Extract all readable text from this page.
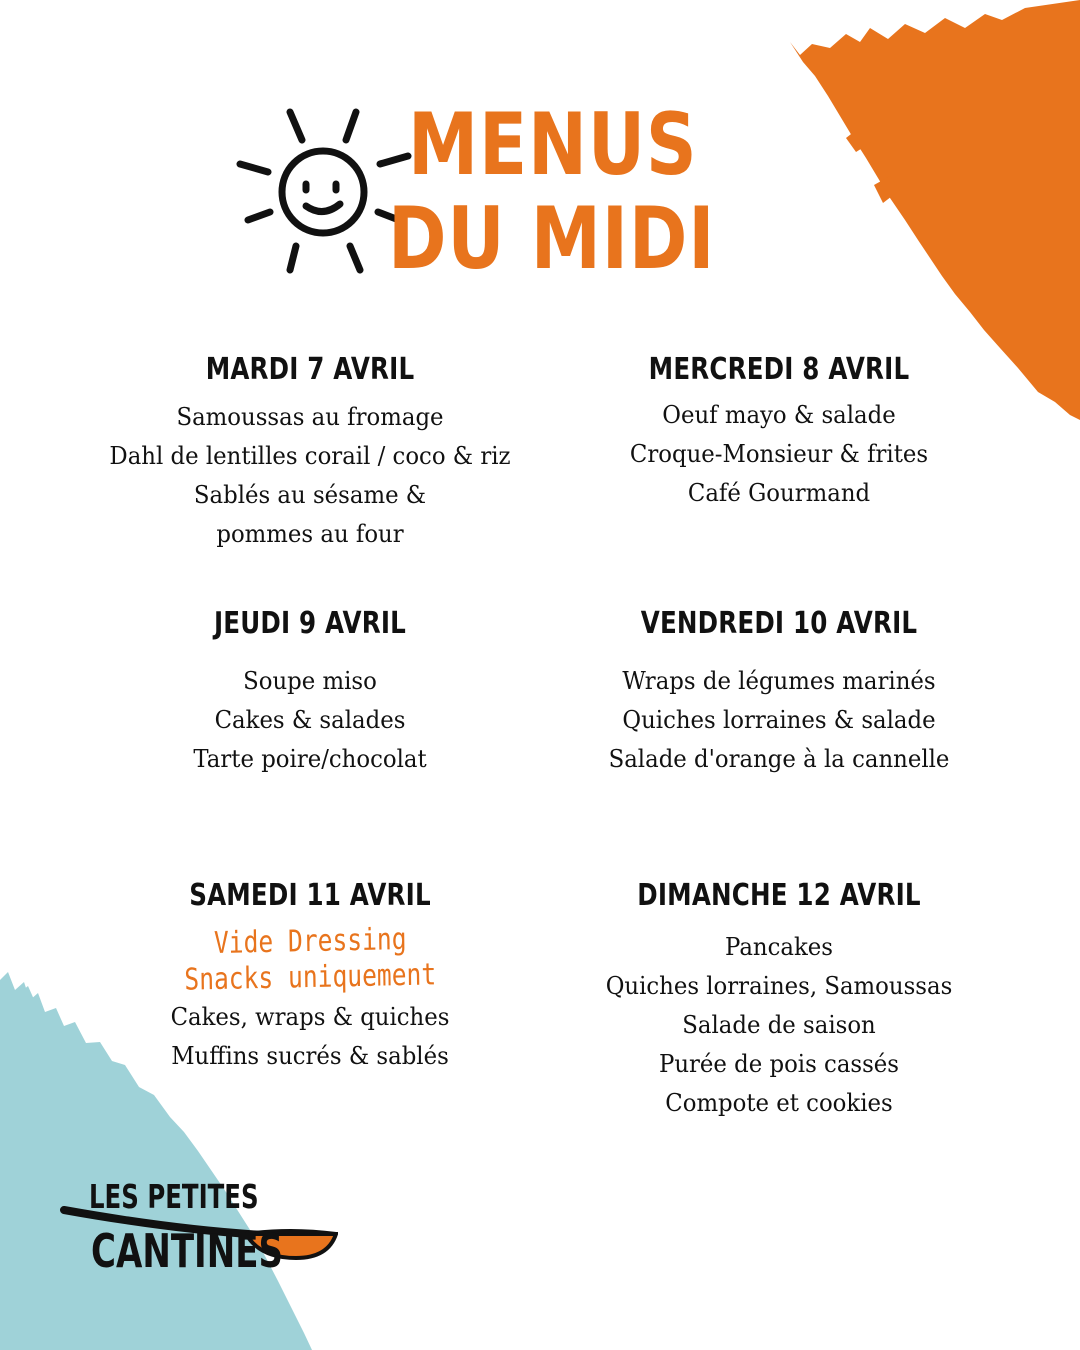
MENUS
DU MIDI
MARDI 7 AVRIL
Samoussas au fromage
Dahl de lentilles corail / coco & riz
Sablés au sésame &
pommes au four
MERCREDI 8 AVRIL
Oeuf mayo & salade
Croque-Monsieur & frites
Café Gourmand
JEUDI 9 AVRIL
Soupe miso
Cakes & salades
Tarte poire/chocolat
VENDREDI 10 AVRIL
Wraps de légumes marinés
Quiches lorraines & salade
Salade d'orange à la cannelle
SAMEDI 11 AVRIL

Vide Dressing

Snacks uniquement

Cakes, wraps & quiches
Muffins sucrés & sablés
DIMANCHE 12 AVRIL
Pancakes
Quiches lorraines, Samoussas
Salade de saison
Purée de pois cassés
Compote et cookies
LES PETITES
CANTINES
